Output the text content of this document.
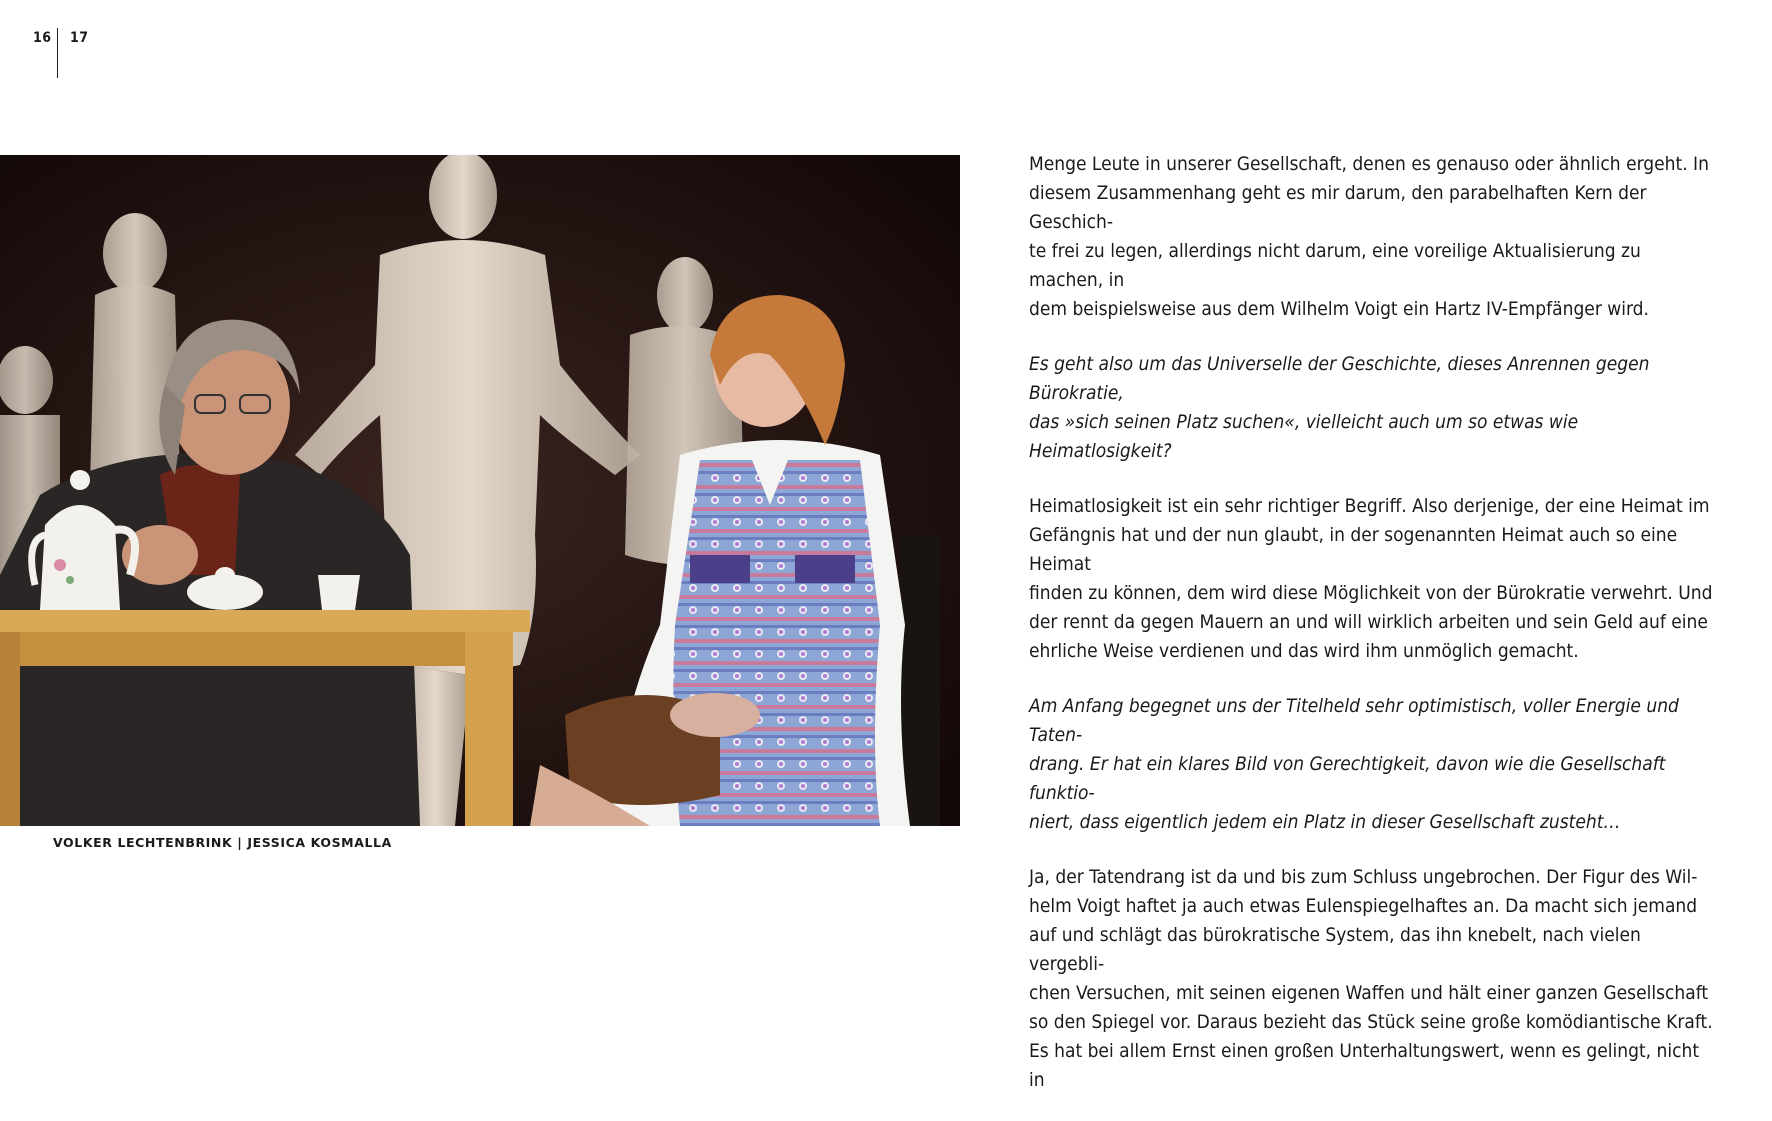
16	17
VOLKER LECHTENBRINK | JESSICA KOSMALLA

Menge Leute in unserer Gesellschaft, denen es genauso oder ähnlich ergeht. In
diesem Zusammenhang geht es mir darum, den parabelhaften Kern der Geschich-
te frei zu legen, allerdings nicht darum, eine voreilige Aktualisierung zu machen, in
dem beispielsweise aus dem Wilhelm Voigt ein Hartz IV-Empfänger wird.

Es geht also um das Universelle der Geschichte, dieses Anrennen gegen Bürokratie,
das »sich seinen Platz suchen«, vielleicht auch um so etwas wie Heimatlosigkeit?

Heimatlosigkeit ist ein sehr richtiger Begriff. Also derjenige, der eine Heimat im
Gefängnis hat und der nun glaubt, in der sogenannten Heimat auch so eine Heimat
finden zu können, dem wird diese Möglichkeit von der Bürokratie verwehrt. Und
der rennt da gegen Mauern an und will wirklich arbeiten und sein Geld auf eine
ehrliche Weise verdienen und das wird ihm unmöglich gemacht.

Am Anfang begegnet uns der Titelheld sehr optimistisch, voller Energie und Taten-
drang. Er hat ein klares Bild von Gerechtigkeit, davon wie die Gesellschaft funktio-
niert, dass eigentlich jedem ein Platz in dieser Gesellschaft zusteht…

Ja, der Tatendrang ist da und bis zum Schluss ungebrochen. Der Figur des Wil-
helm Voigt haftet ja auch etwas Eulenspiegelhaftes an. Da macht sich jemand
auf und schlägt das bürokratische System, das ihn knebelt, nach vielen vergebli-
chen Versuchen, mit seinen eigenen Waffen und hält einer ganzen Gesellschaft
so den Spiegel vor. Daraus bezieht das Stück seine große komödiantische Kraft.
Es hat bei allem Ernst einen großen Unterhaltungswert, wenn es gelingt, nicht in
